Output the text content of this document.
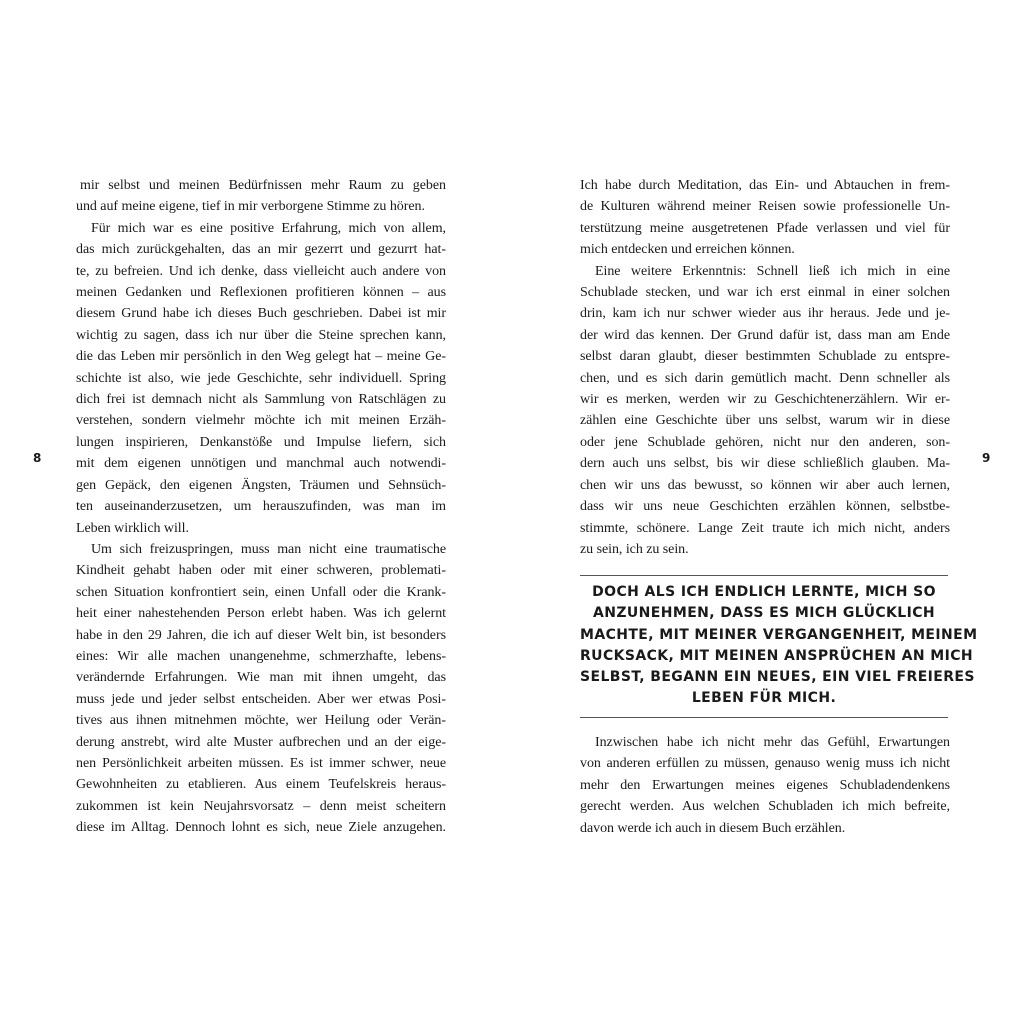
8	9
mir selbst und meinen Bedürfnissen mehr Raum zu geben
und auf meine eigene, tief in mir verborgene Stimme zu hören.
Für mich war es eine positive Erfahrung, mich von allem,
das mich zurückgehalten, das an mir gezerrt und gezurrt hat-
te, zu befreien. Und ich denke, dass vielleicht auch andere von
meinen Gedanken und Reflexionen profitieren können – aus
diesem Grund habe ich dieses Buch geschrieben. Dabei ist mir
wichtig zu sagen, dass ich nur über die Steine sprechen kann,
die das Leben mir persönlich in den Weg gelegt hat – meine Ge-
schichte ist also, wie jede Geschichte, sehr individuell. Spring
dich frei ist demnach nicht als Sammlung von Ratschlägen zu
verstehen, sondern vielmehr möchte ich mit meinen Erzäh-
lungen inspirieren, Denkanstöße und Impulse liefern, sich
mit dem eigenen unnötigen und manchmal auch notwendi-
gen Gepäck, den eigenen Ängsten, Träumen und Sehnsüch-
ten auseinanderzusetzen, um herauszufinden, was man im
Leben wirklich will.
Um sich freizuspringen, muss man nicht eine traumatische
Kindheit gehabt haben oder mit einer schweren, problemati-
schen Situation konfrontiert sein, einen Unfall oder die Krank-
heit einer nahestehenden Person erlebt haben. Was ich gelernt
habe in den 29 Jahren, die ich auf dieser Welt bin, ist besonders
eines: Wir alle machen unangenehme, schmerzhafte, lebens-
verändernde Erfahrungen. Wie man mit ihnen umgeht, das
muss jede und jeder selbst entscheiden. Aber wer etwas Posi-
tives aus ihnen mitnehmen möchte, wer Heilung oder Verän-
derung anstrebt, wird alte Muster aufbrechen und an der eige-
nen Persönlichkeit arbeiten müssen. Es ist immer schwer, neue
Gewohnheiten zu etablieren. Aus einem Teufelskreis heraus-
zukommen ist kein Neujahrsvorsatz – denn meist scheitern
diese im Alltag. Dennoch lohnt es sich, neue Ziele anzugehen.
Ich habe durch Meditation, das Ein- und Abtauchen in frem-
de Kulturen während meiner Reisen sowie professionelle Un-
terstützung meine ausgetretenen Pfade verlassen und viel für
mich entdecken und erreichen können.
Eine weitere Erkenntnis: Schnell ließ ich mich in eine
Schublade stecken, und war ich erst einmal in einer solchen
drin, kam ich nur schwer wieder aus ihr heraus. Jede und je-
der wird das kennen. Der Grund dafür ist, dass man am Ende
selbst daran glaubt, dieser bestimmten Schublade zu entspre-
chen, und es sich darin gemütlich macht. Denn schneller als
wir es merken, werden wir zu Geschichtenerzählern. Wir er-
zählen eine Geschichte über uns selbst, warum wir in diese
oder jene Schublade gehören, nicht nur den anderen, son-
dern auch uns selbst, bis wir diese schließlich glauben. Ma-
chen wir uns das bewusst, so können wir aber auch lernen,
dass wir uns neue Geschichten erzählen können, selbstbe-
stimmte, schönere. Lange Zeit traute ich mich nicht, anders
zu sein, ich zu sein.
DOCH ALS ICH ENDLICH LERNTE, MICH SO
ANZUNEHMEN, DASS ES MICH GLÜCKLICH
MACHTE, MIT MEINER VERGANGENHEIT, MEINEM
RUCKSACK, MIT MEINEN ANSPRÜCHEN AN MICH
SELBST, BEGANN EIN NEUES, EIN VIEL FREIERES
LEBEN FÜR MICH.
Inzwischen habe ich nicht mehr das Gefühl, Erwartungen
von anderen erfüllen zu müssen, genauso wenig muss ich nicht
mehr den Erwartungen meines eigenes Schubladendenkens
gerecht werden. Aus welchen Schubladen ich mich befreite,
davon werde ich auch in diesem Buch erzählen.
